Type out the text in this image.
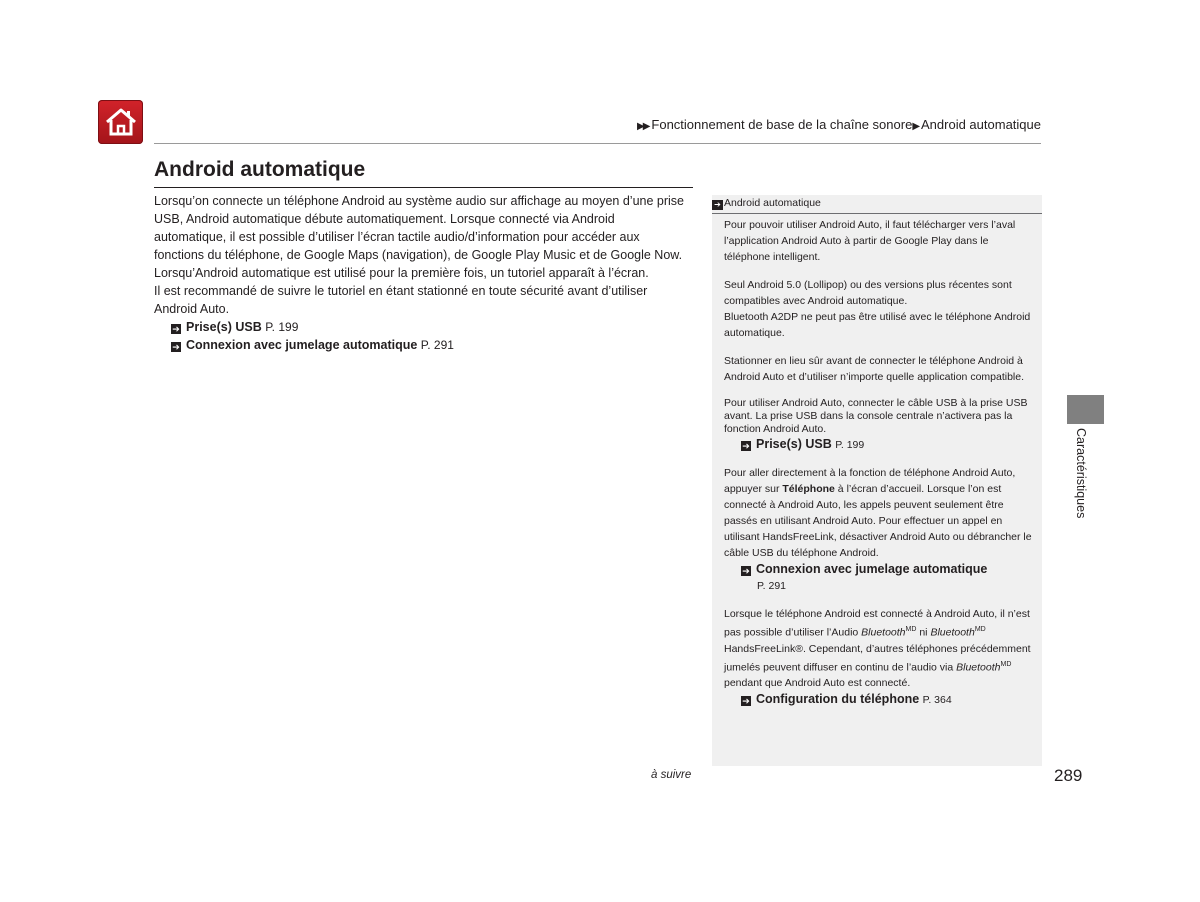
▶▶ Fonctionnement de base de la chaîne sonore▶ Android automatique
Android automatique

Lorsqu’on connecte un téléphone Android au système audio sur affichage au moyen d’une prise USB, Android automatique débute automatiquement. Lorsque connecté via Android automatique, il est possible d’utiliser l’écran tactile audio/d’information pour accéder aux fonctions du téléphone, de Google Maps (navigation), de Google Play Music et de Google Now. Lorsqu’Android automatique est utilisé pour la première fois, un tutoriel apparaît à l’écran.

Il est recommandé de suivre le tutoriel en étant stationné en toute sécurité avant d’utiliser Android Auto.

➔ Prise(s) USB P. 199
➔ Connexion avec jumelage automatique P. 291
➔ Android automatique

Pour pouvoir utiliser Android Auto, il faut télécharger vers l’aval l’application Android Auto à partir de Google Play dans le téléphone intelligent.

Seul Android 5.0 (Lollipop) ou des versions plus récentes sont compatibles avec Android automatique.

Bluetooth A2DP ne peut pas être utilisé avec le téléphone Android automatique.

Stationner en lieu sûr avant de connecter le téléphone Android à Android Auto et d’utiliser n’importe quelle application compatible.

Pour utiliser Android Auto, connecter le câble USB à la prise USB avant. La prise USB dans la console centrale n’activera pas la fonction Android Auto.

➔ Prise(s) USB P. 199

Pour aller directement à la fonction de téléphone Android Auto, appuyer sur Téléphone à l’écran d’accueil. Lorsque l’on est connecté à Android Auto, les appels peuvent seulement être passés en utilisant Android Auto. Pour effectuer un appel en utilisant HandsFreeLink, désactiver Android Auto ou débrancher le câble USB du téléphone Android.

➔ Connexion avec jumelage automatique
P. 291

Lorsque le téléphone Android est connecté à Android Auto, il n’est pas possible d’utiliser l’Audio Bluetooth$^{MD}$ ni Bluetooth$^{MD}$ HandsFreeLink®. Cependant, d’autres téléphones précédemment jumelés peuvent diffuser en continu de l’audio via Bluetooth$^{MD}$ pendant que Android Auto est connecté.

➔ Configuration du téléphone P. 364
Caractéristiques
à suivre	289
